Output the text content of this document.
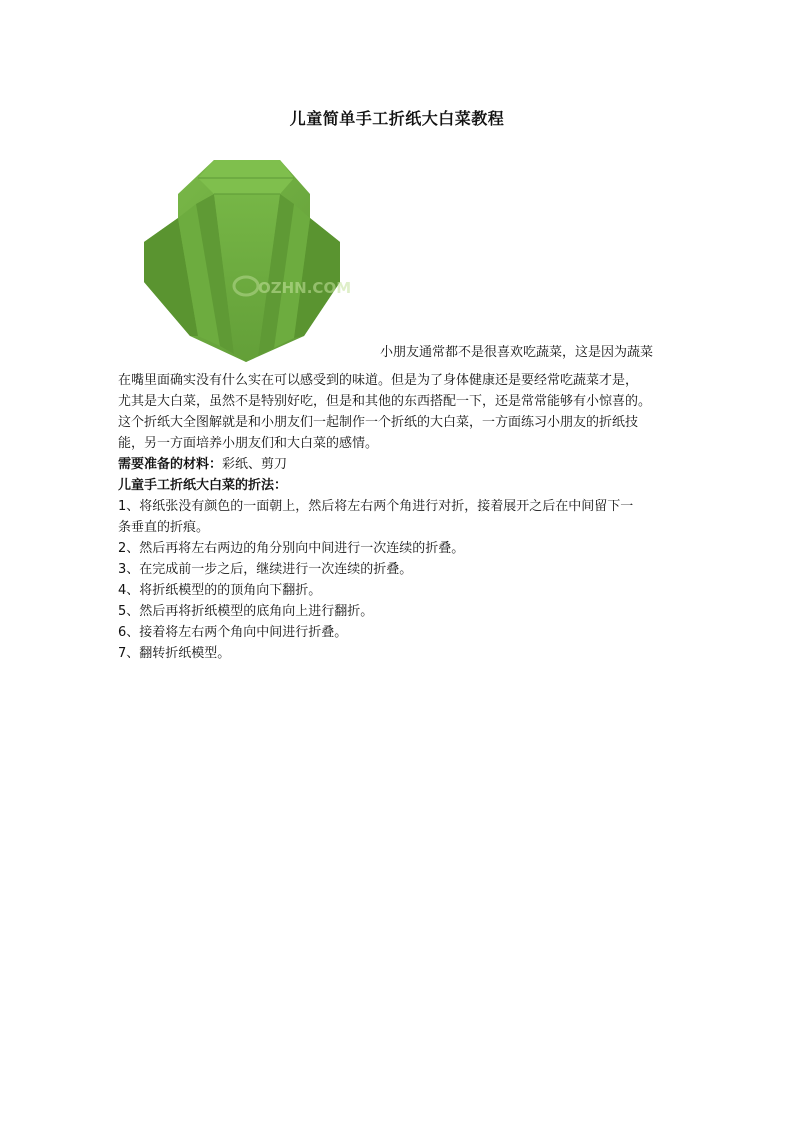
儿童简单手工折纸大白菜教程
OZHN.COM
小朋友通常都不是很喜欢吃蔬菜，这是因为蔬菜
在嘴里面确实没有什么实在可以感受到的味道。但是为了身体健康还是要经常吃蔬菜才是，
尤其是大白菜，虽然不是特别好吃，但是和其他的东西搭配一下，还是常常能够有小惊喜的。
这个折纸大全图解就是和小朋友们一起制作一个折纸的大白菜，一方面练习小朋友的折纸技
能，另一方面培养小朋友们和大白菜的感情。
需要准备的材料：彩纸、剪刀
儿童手工折纸大白菜的折法：
1、将纸张没有颜色的一面朝上，然后将左右两个角进行对折，接着展开之后在中间留下一
条垂直的折痕。
2、然后再将左右两边的角分别向中间进行一次连续的折叠。
3、在完成前一步之后，继续进行一次连续的折叠。
4、将折纸模型的的顶角向下翻折。
5、然后再将折纸模型的底角向上进行翻折。
6、接着将左右两个角向中间进行折叠。
7、翻转折纸模型。
